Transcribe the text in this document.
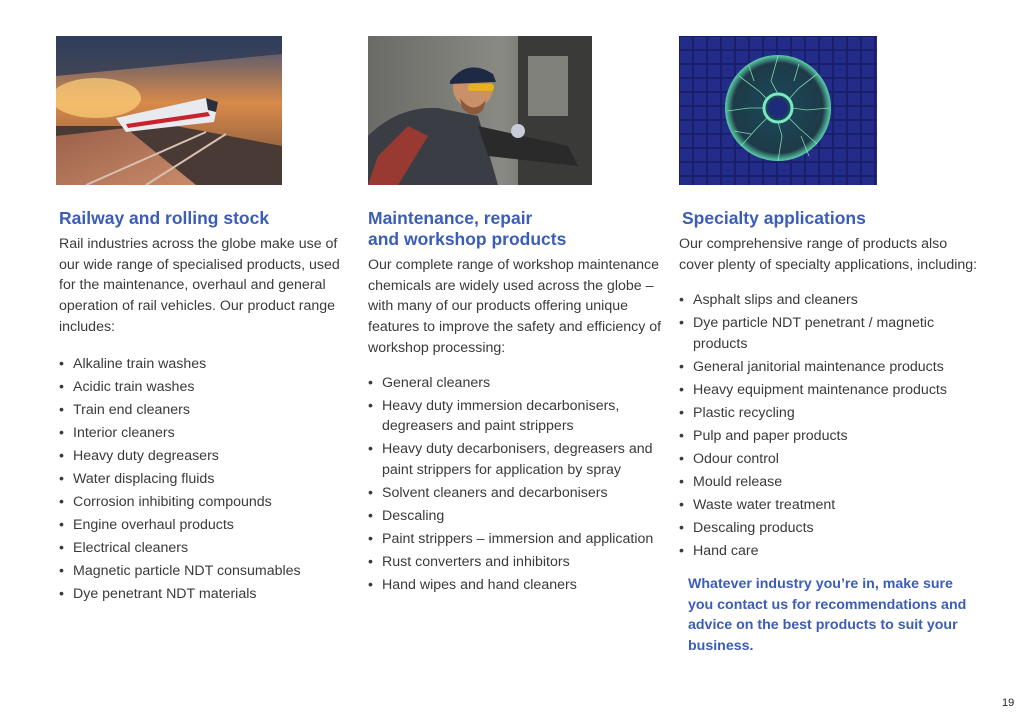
Railway and rolling stock

Rail industries across the globe make use of our wide range of specialised products, used for the maintenance, overhaul and general operation of rail vehicles. Our product range includes:

• Alkaline train washes
• Acidic train washes
• Train end cleaners
• Interior cleaners
• Heavy duty degreasers
• Water displacing fluids
• Corrosion inhibiting compounds
• Engine overhaul products
• Electrical cleaners
• Magnetic particle NDT consumables
• Dye penetrant NDT materials
Maintenance, repair
and workshop products

Our complete range of workshop maintenance chemicals are widely used across the globe – with many of our products offering unique features to improve the safety and efficiency of workshop processing:

• General cleaners
• Heavy duty immersion decarbonisers, degreasers and paint strippers
• Heavy duty decarbonisers, degreasers and paint strippers for application by spray
• Solvent cleaners and decarbonisers
• Descaling
• Paint strippers – immersion and application
• Rust converters and inhibitors
• Hand wipes and hand cleaners
Specialty applications

Our comprehensive range of products also cover plenty of specialty applications, including:

• Asphalt slips and cleaners
• Dye particle NDT penetrant / magnetic products
• General janitorial maintenance products
• Heavy equipment maintenance products
• Plastic recycling
• Pulp and paper products
• Odour control
• Mould release
• Waste water treatment
• Descaling products
• Hand care

Whatever industry you’re in, make sure you contact us for recommendations and advice on the best products to suit your business.

19
